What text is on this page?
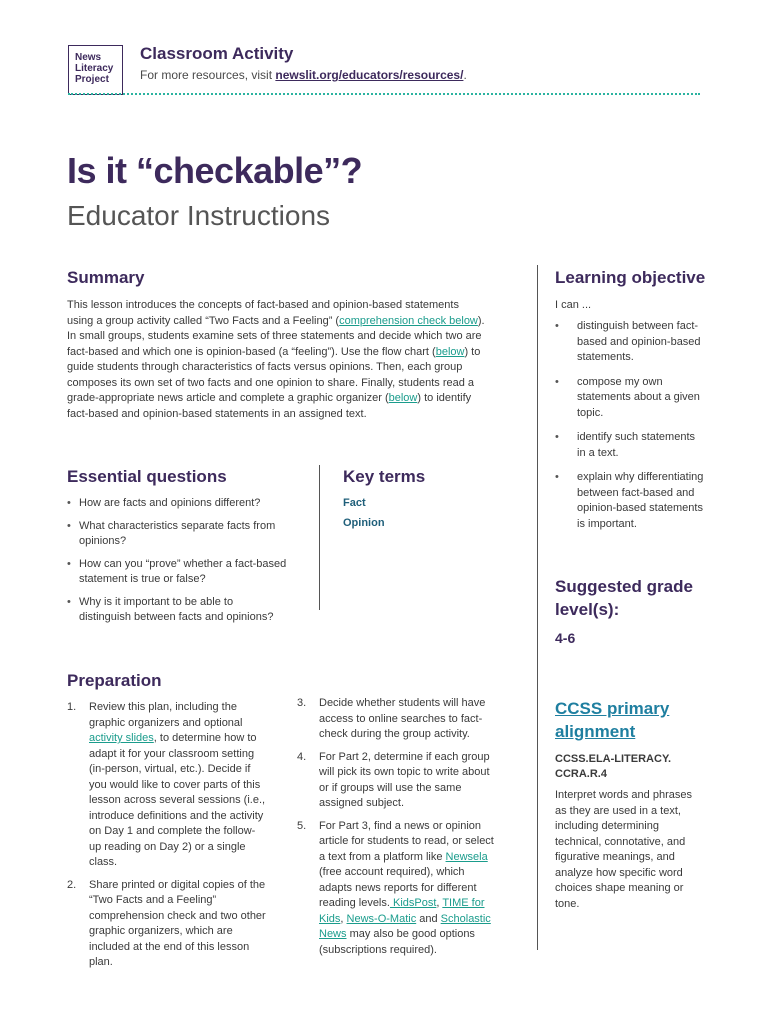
News
Literacy
Project
Classroom Activity
For more resources, visit newslit.org/educators/resources/.
Is it “checkable”?
Educator Instructions
Summary
This lesson introduces the concepts of fact-based and opinion-based statements using a group activity called “Two Facts and a Feeling” (comprehension check below). In small groups, students examine sets of three statements and decide which two are fact-based and which one is opinion-based (a “feeling”). Use the flow chart (below) to guide students through characteristics of facts versus opinions. Then, each group composes its own set of two facts and one opinion to share. Finally, students read a grade-appropriate news article and complete a graphic organizer (below) to identify fact-based and opinion-based statements in an assigned text.
Essential questions
• How are facts and opinions different?
• What characteristics separate facts from opinions?
• How can you “prove” whether a fact-based statement is true or false?
• Why is it important to be able to distinguish between facts and opinions?
Key terms
Fact
Opinion
Preparation
1. Review this plan, including the graphic organizers and optional activity slides, to determine how to adapt it for your classroom setting (in-person, virtual, etc.). Decide if you would like to cover parts of this lesson across several sessions (i.e., introduce definitions and the activity on Day 1 and complete the follow-up reading on Day 2) or a single class.
2. Share printed or digital copies of the “Two Facts and a Feeling” comprehension check and two other graphic organizers, which are included at the end of this lesson plan.
3. Decide whether students will have access to online searches to fact-check during the group activity.
4. For Part 2, determine if each group will pick its own topic to write about or if groups will use the same assigned subject.
5. For Part 3, find a news or opinion article for students to read, or select a text from a platform like Newsela (free account required), which adapts news reports for different reading levels. KidsPost, TIME for Kids, News-O-Matic and Scholastic News may also be good options (subscriptions required).
Learning objective
I can ...
• distinguish between fact-based and opinion-based statements.
• compose my own statements about a given topic.
• identify such statements in a text.
• explain why differentiating between fact-based and opinion-based statements is important.
Suggested grade level(s):
4-6
CCSS primary alignment
CCSS.ELA-LITERACY. CCRA.R.4
Interpret words and phrases as they are used in a text, including determining technical, connotative, and figurative meanings, and analyze how specific word choices shape meaning or tone.
